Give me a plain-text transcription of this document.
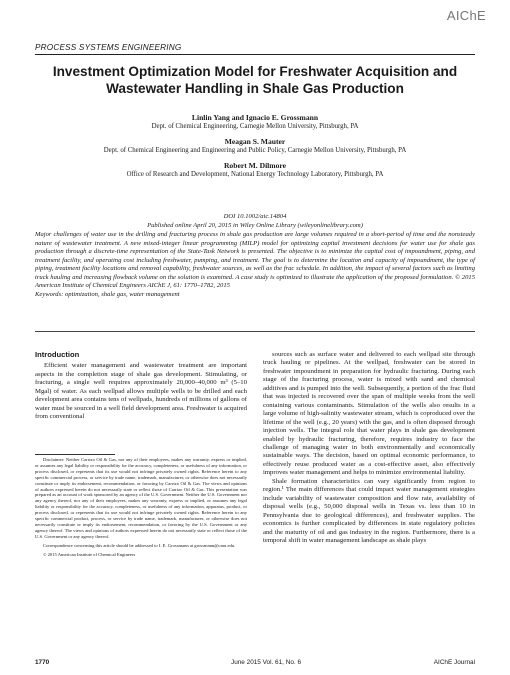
AIChE
PROCESS SYSTEMS ENGINEERING
Investment Optimization Model for Freshwater Acquisition and
Wastewater Handling in Shale Gas Production
Linlin Yang and Ignacio E. Grossmann
Dept. of Chemical Engineering, Carnegie Mellon University, Pittsburgh, PA
Meagan S. Mauter
Dept. of Chemical Engineering and Engineering and Public Policy, Carnegie Mellon University, Pittsburgh, PA
Robert M. Dilmore
Office of Research and Development, National Energy Technology Laboratory, Pittsburgh, PA
DOI 10.1002/aic.14804
Published online April 20, 2015 in Wiley Online Library (wileyonlinelibrary.com)

Major challenges of water use in the drilling and fracturing process in shale gas production are large volumes required in a short-period of time and the nonsteady nature of wastewater treatment. A new mixed-integer linear programming (MILP) model for optimizing capital investment decisions for water use for shale gas production through a discrete-time representation of the State-Task Network is presented. The objective is to minimize the capital cost of impoundment, piping, and treatment facility, and operating cost including freshwater, pumping, and treatment. The goal is to determine the location and capacity of impoundment, the type of piping, treatment facility locations and removal capability, freshwater sources, as well as the frac schedule. In addition, the impact of several factors such as limiting truck hauling and increasing flowback volume on the solution is examined. A case study is optimized to illustrate the application of the proposed formulation. © 2015 American Institute of Chemical Engineers AIChE J, 61: 1770–1782, 2015

Keywords: optimization, shale gas, water management

Introduction

Efficient water management and wastewater treatment are important aspects in the completion stage of shale gas development. Stimulating, or fracturing, a single well requires approximately 20,000–40,000 m³ (5–10 Mgal) of water. As each wellpad allows multiple wells to be drilled and each development area contains tens of wellpads, hundreds of millions of gallons of water must be sourced in a well field development area. Freshwater is acquired from conventional

Disclaimer: Neither Carrizo Oil & Gas, nor any of their employees, makes any warranty, express or implied, or assumes any legal liability or responsibility for the accuracy, completeness, or usefulness of any information, or process disclosed, or represents that its use would not infringe privately owned rights. Reference herein to any specific commercial process, or service by trade name, trademark, manufacturer, or otherwise does not necessarily constitute or imply its endorsement, recommendation, or favoring by Carrizo Oil & Gas. The views and opinions of authors expressed herein do not necessarily state or reflect those of Carrizo Oil & Gas. This presentation was prepared as an account of work sponsored by an agency of the U.S. Government. Neither the U.S. Government nor any agency thereof, nor any of their employees, makes any warranty, express or implied, or assumes any legal liability or responsibility for the accuracy, completeness, or usefulness of any information, apparatus, product, or process disclosed, or represents that its use would not infringe privately owned rights. Reference herein to any specific commercial product, process, or service by trade name, trademark, manufacturer, or otherwise does not necessarily constitute or imply its endorsement, recommendation, or favoring by the U.S. Government or any agency thereof. The views and opinions of authors expressed herein do not necessarily state or reflect those of the U.S. Government or any agency thereof.

Correspondence concerning this article should be addressed to I. E. Grossmann at grossmann@cmu.edu.

© 2015 American Institute of Chemical Engineers

sources such as surface water and delivered to each wellpad site through truck hauling or pipelines. At the wellpad, freshwater can be stored in freshwater impoundment in preparation for hydraulic fracturing. During each stage of the fracturing process, water is mixed with sand and chemical additives and is pumped into the well. Subsequently, a portion of the frac fluid that was injected is recovered over the span of multiple weeks from the well containing various contaminants. Stimulation of the wells also results in a large volume of high-salinity wastewater stream, which is coproduced over the lifetime of the well (e.g., 20 years) with the gas, and is often disposed through injection wells. The integral role that water plays in shale gas development enabled by hydraulic fracturing, therefore, requires industry to face the challenge of managing water in both environmentally and economically sustainable ways. The decision, based on optimal economic performance, to effectively reuse produced water as a cost-effective asset, also effectively improves water management and helps to minimize environmental liability.

Shale formation characteristics can vary significantly from region to region.¹ The main differences that could impact water management strategies include variability of wastewater composition and flow rate, availability of disposal wells (e.g., 50,000 disposal wells in Texas vs. less than 10 in Pennsylvania due to geological differences), and freshwater supplies. The economics is further complicated by differences in state regulatory policies and the maturity of oil and gas industry in the region. Furthermore, there is a temporal shift in water management landscape as shale plays

1770	June 2015 Vol. 61, No. 6	AIChE Journal
